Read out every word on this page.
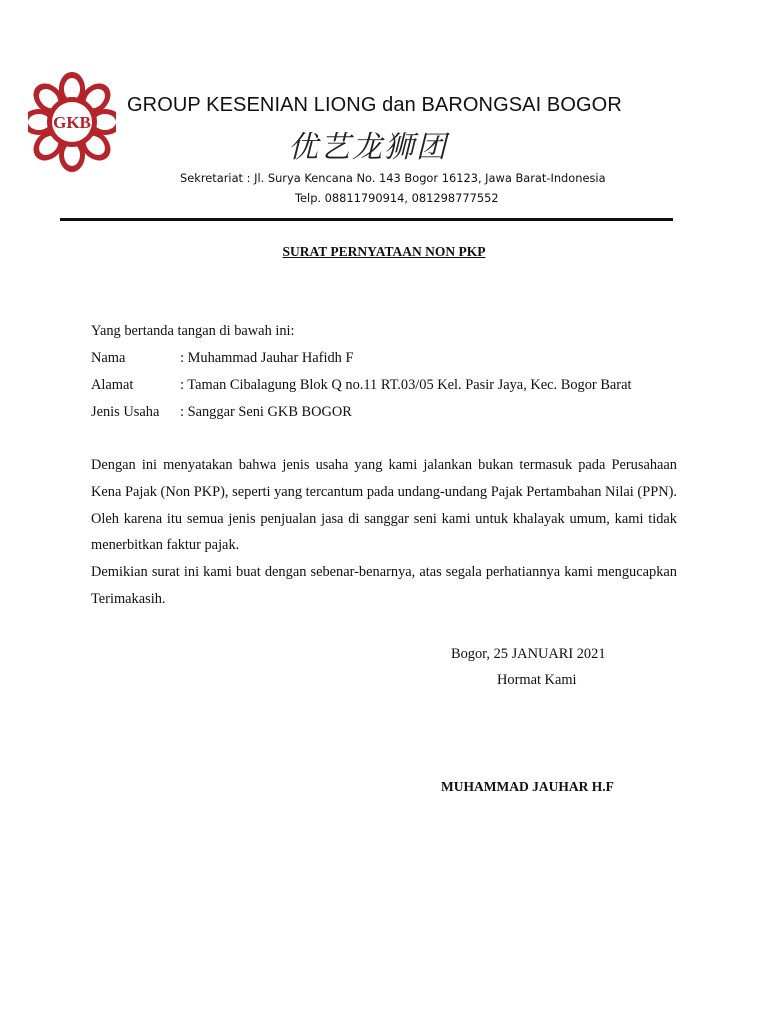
GKB
GROUP KESENIAN LIONG dan BARONGSAI BOGOR
优艺龙狮团
Sekretariat : Jl. Surya Kencana No. 143 Bogor 16123, Jawa Barat-Indonesia
Telp. 08811790914, 081298777552
SURAT PERNYATAAN NON PKP
Yang bertanda tangan di bawah ini:
Nama	: Muhammad Jauhar Hafidh F
Alamat	: Taman Cibalagung Blok Q no.11 RT.03/05 Kel. Pasir Jaya, Kec. Bogor Barat
Jenis Usaha : Sanggar Seni GKB BOGOR
Dengan ini menyatakan bahwa jenis usaha yang kami jalankan bukan termasuk pada Perusahaan Kena Pajak (Non PKP), seperti yang tercantum pada undang-undang Pajak Pertambahan Nilai (PPN). Oleh karena itu semua jenis penjualan jasa di sanggar seni kami untuk khalayak umum, kami tidak menerbitkan faktur pajak.
Demikian surat ini kami buat dengan sebenar-benarnya, atas segala perhatiannya kami mengucapkan Terimakasih.
Bogor, 25 JANUARI 2021
Hormat Kami
MUHAMMAD JAUHAR H.F
